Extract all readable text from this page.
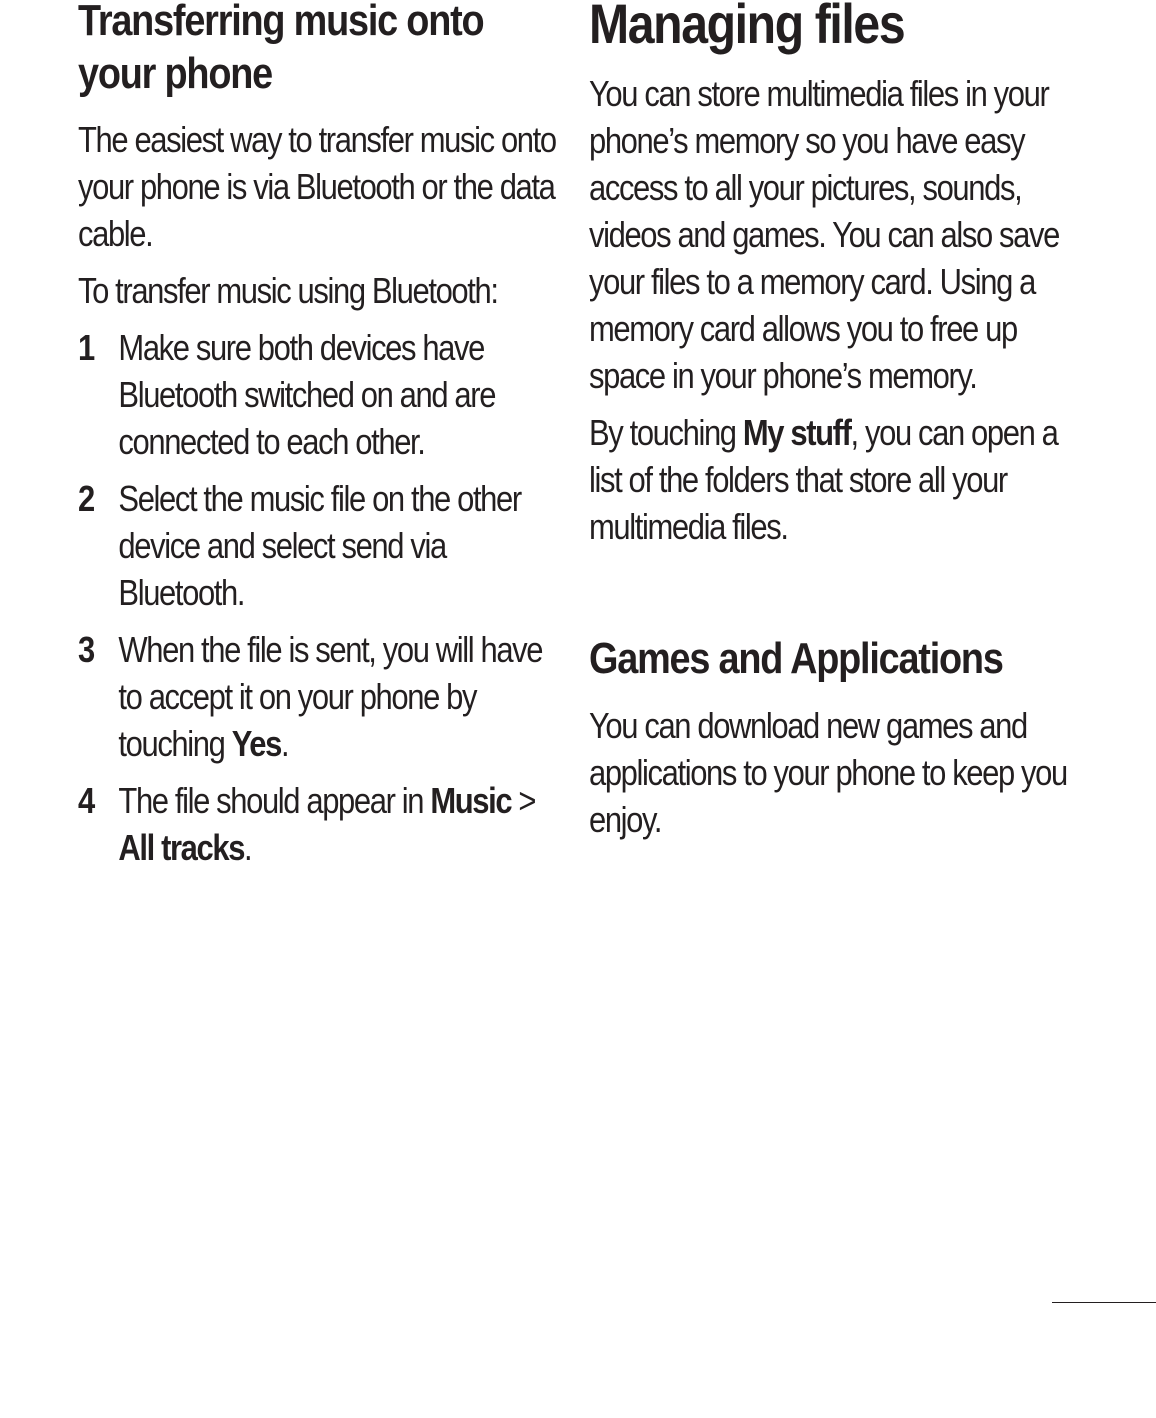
Transferring music onto your phone

The easiest way to transfer music onto your phone is via Bluetooth or the data cable.

To transfer music using Bluetooth:

1 Make sure both devices have Bluetooth switched on and are connected to each other.
2 Select the music file on the other device and select send via Bluetooth.
3 When the file is sent, you will have to accept it on your phone by touching Yes.
4 The file should appear in Music > All tracks.
Managing files

You can store multimedia files in your phone’s memory so you have easy access to all your pictures, sounds, videos and games. You can also save your files to a memory card. Using a memory card allows you to free up space in your phone’s memory.

By touching My stuff, you can open a list of the folders that store all your multimedia files.

Games and Applications

You can download new games and applications to your phone to keep you enjoy.
